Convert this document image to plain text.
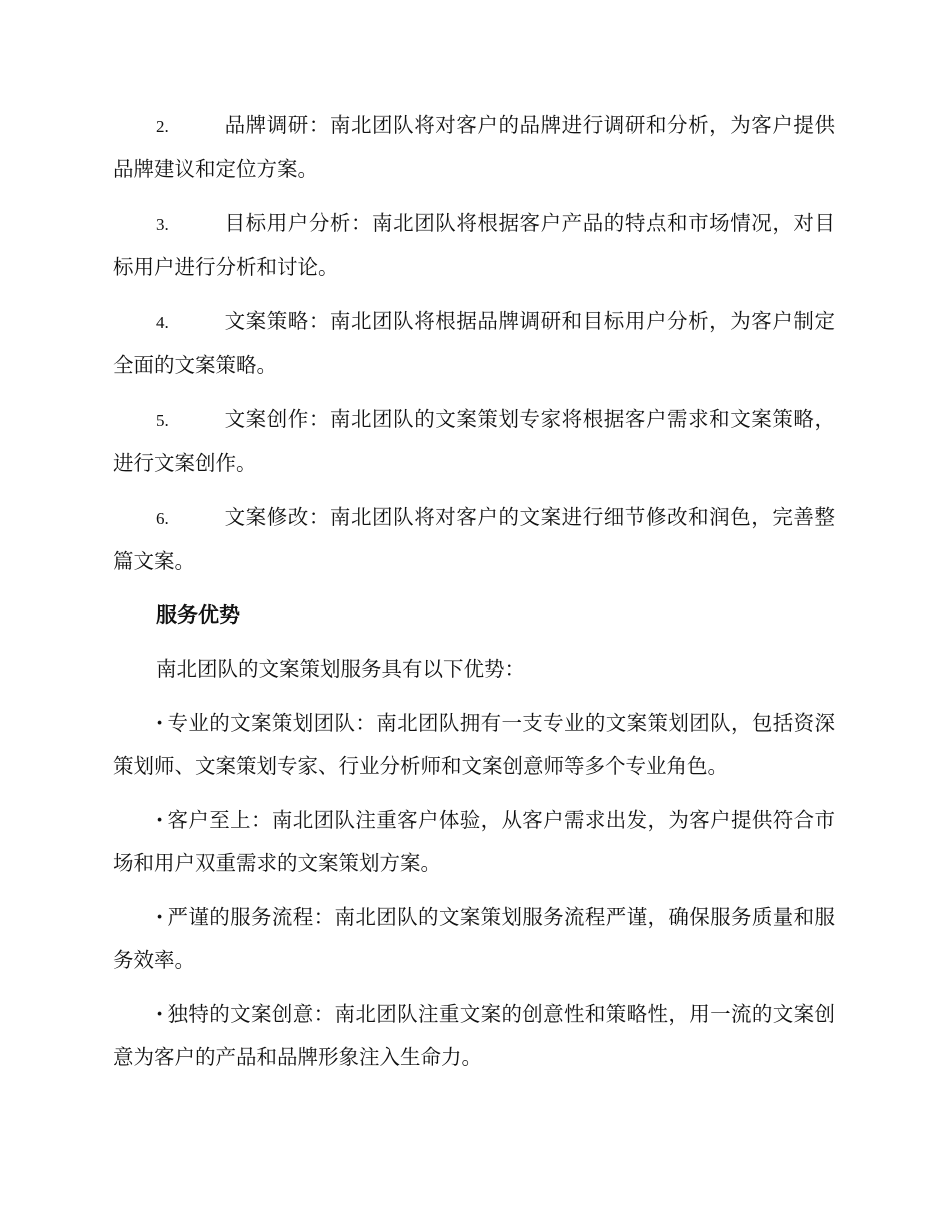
2.	品牌调研：南北团队将对客户的品牌进行调研和分析，为客户提供品牌建议和定位方案。

3.	目标用户分析：南北团队将根据客户产品的特点和市场情况，对目标用户进行分析和讨论。

4.	文案策略：南北团队将根据品牌调研和目标用户分析，为客户制定全面的文案策略。

5.	文案创作：南北团队的文案策划专家将根据客户需求和文案策略，进行文案创作。

6.	文案修改：南北团队将对客户的文案进行细节修改和润色，完善整篇文案。

服务优势

南北团队的文案策划服务具有以下优势：

· 专业的文案策划团队：南北团队拥有一支专业的文案策划团队，包括资深策划师、文案策划专家、行业分析师和文案创意师等多个专业角色。

· 客户至上：南北团队注重客户体验，从客户需求出发，为客户提供符合市场和用户双重需求的文案策划方案。

· 严谨的服务流程：南北团队的文案策划服务流程严谨，确保服务质量和服务效率。

· 独特的文案创意：南北团队注重文案的创意性和策略性，用一流的文案创意为客户的产品和品牌形象注入生命力。
